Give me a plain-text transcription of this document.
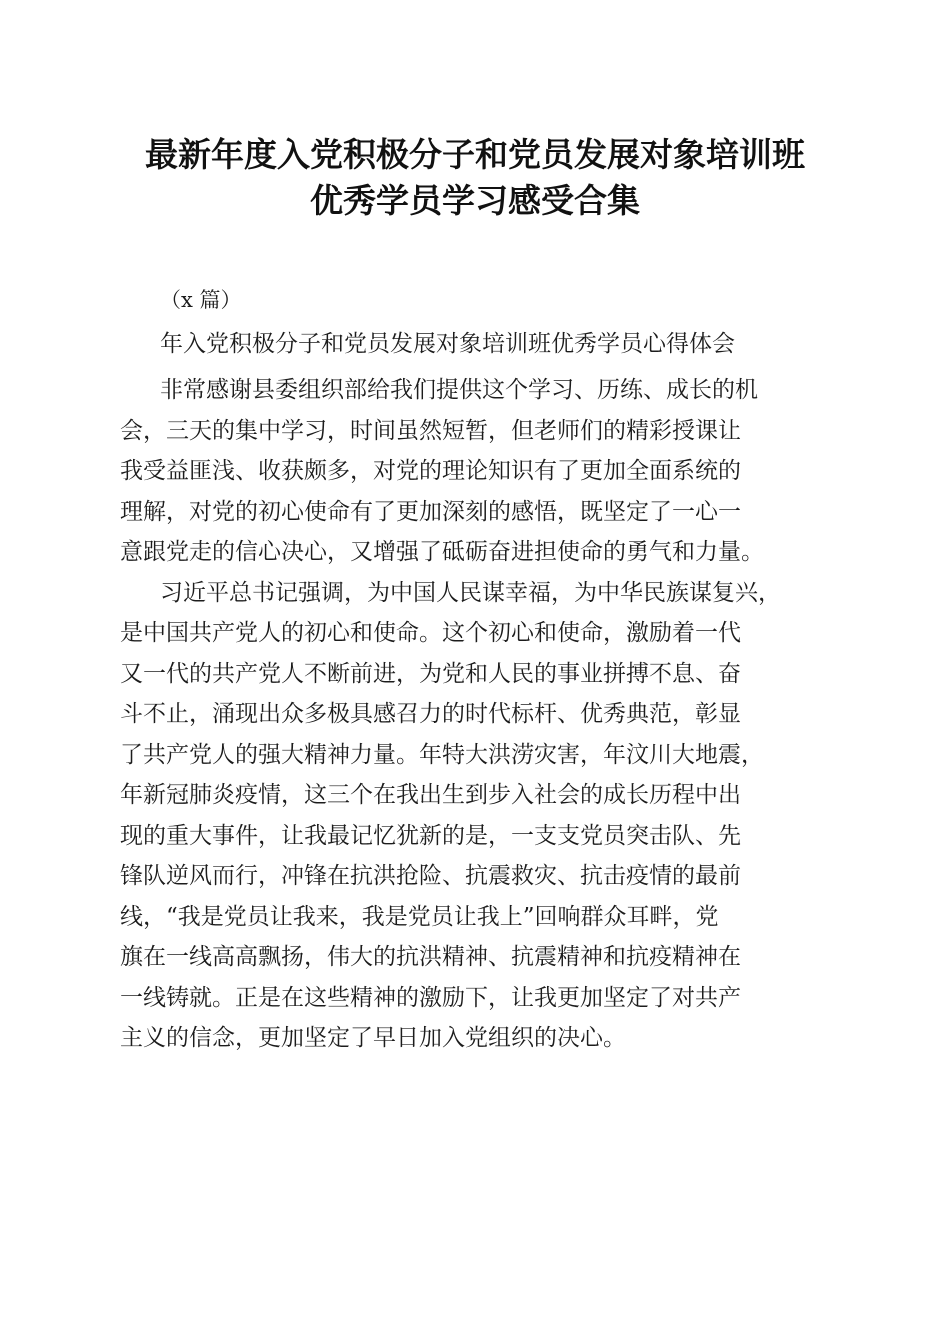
最新年度入党积极分子和党员发展对象培训班
优秀学员学习感受合集
（x 篇）
年入党积极分子和党员发展对象培训班优秀学员心得体会
非常感谢县委组织部给我们提供这个学习、历练、成长的机
会，三天的集中学习，时间虽然短暂，但老师们的精彩授课让
我受益匪浅、收获颇多，对党的理论知识有了更加全面系统的
理解，对党的初心使命有了更加深刻的感悟，既坚定了一心一
意跟党走的信心决心，又增强了砥砺奋进担使命的勇气和力量。
习近平总书记强调，为中国人民谋幸福，为中华民族谋复兴，
是中国共产党人的初心和使命。这个初心和使命，激励着一代
又一代的共产党人不断前进，为党和人民的事业拼搏不息、奋
斗不止，涌现出众多极具感召力的时代标杆、优秀典范，彰显
了共产党人的强大精神力量。年特大洪涝灾害，年汶川大地震，
年新冠肺炎疫情，这三个在我出生到步入社会的成长历程中出
现的重大事件，让我最记忆犹新的是，一支支党员突击队、先
锋队逆风而行，冲锋在抗洪抢险、抗震救灾、抗击疫情的最前
线，“我是党员让我来，我是党员让我上”回响群众耳畔，党
旗在一线高高飘扬，伟大的抗洪精神、抗震精神和抗疫精神在
一线铸就。正是在这些精神的激励下，让我更加坚定了对共产
主义的信念，更加坚定了早日加入党组织的决心。
